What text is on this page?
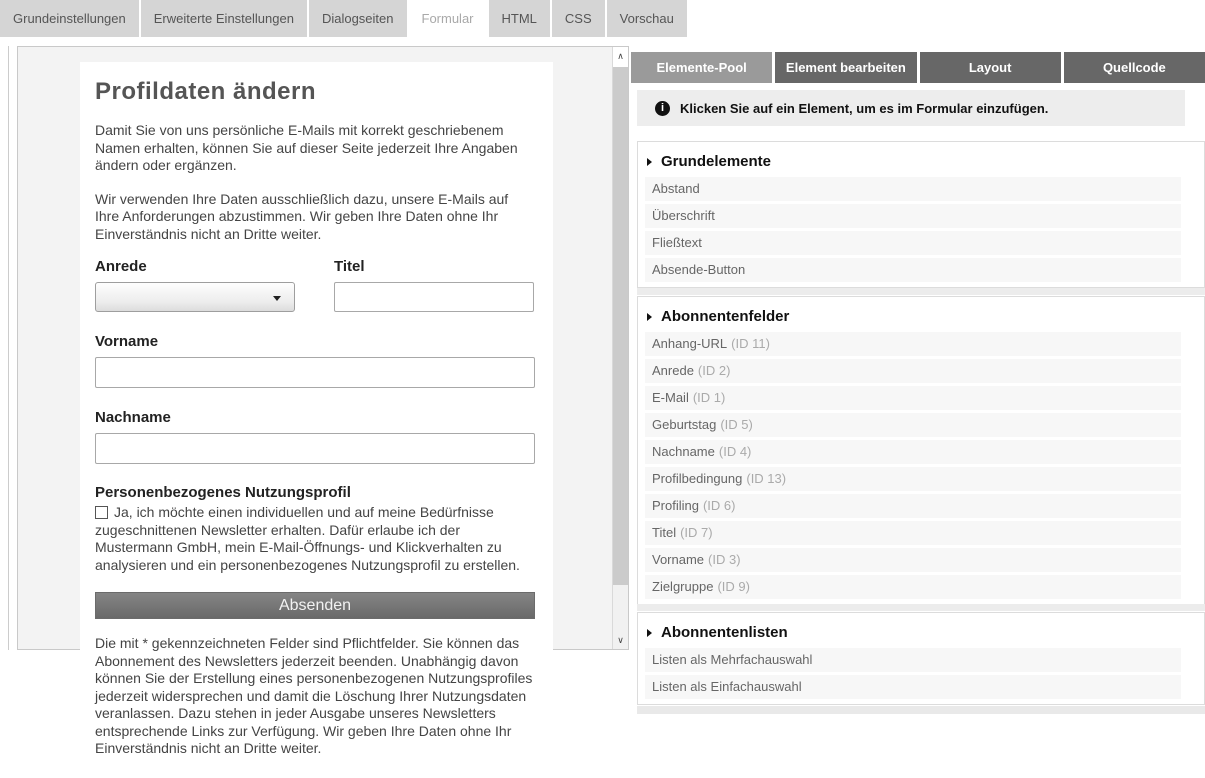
Grundeinstellungen	Erweiterte Einstellungen	Dialogseiten	Formular	HTML	CSS	Vorschau
∧
∨
Profildaten ändern
Damit Sie von uns persönliche E-Mails mit korrekt geschriebenem Namen erhalten, können Sie auf dieser Seite jederzeit Ihre Angaben ändern oder ergänzen.
Wir verwenden Ihre Daten ausschließlich dazu, unsere E-Mails auf Ihre Anforderungen abzustimmen. Wir geben Ihre Daten ohne Ihr Einverständnis nicht an Dritte weiter.
Anrede	Titel
Vorname
Nachname
Personenbezogenes Nutzungsprofil
Ja, ich möchte einen individuellen und auf meine Bedürfnisse zugeschnittenen Newsletter erhalten. Dafür erlaube ich der Mustermann GmbH, mein E-Mail-Öffnungs- und Klickverhalten zu analysieren und ein personenbezogenes Nutzungsprofil zu erstellen.
Absenden
Die mit * gekennzeichneten Felder sind Pflichtfelder. Sie können das Abonnement des Newsletters jederzeit beenden. Unabhängig davon können Sie der Erstellung eines personenbezogenen Nutzungsprofiles jederzeit widersprechen und damit die Löschung Ihrer Nutzungsdaten veranlassen. Dazu stehen in jeder Ausgabe unseres Newsletters entsprechende Links zur Verfügung. Wir geben Ihre Daten ohne Ihr Einverständnis nicht an Dritte weiter.
Elemente-Pool	Element bearbeiten	Layout	Quellcode
i	Klicken Sie auf ein Element, um es im Formular einzufügen.
Grundelemente
Abstand
Überschrift
Fließtext
Absende-Button
Abonnentenfelder
Anhang-URL (ID 11)
Anrede (ID 2)
E-Mail (ID 1)
Geburtstag (ID 5)
Nachname (ID 4)
Profilbedingung (ID 13)
Profiling (ID 6)
Titel (ID 7)
Vorname (ID 3)
Zielgruppe (ID 9)
Abonnentenlisten
Listen als Mehrfachauswahl
Listen als Einfachauswahl
